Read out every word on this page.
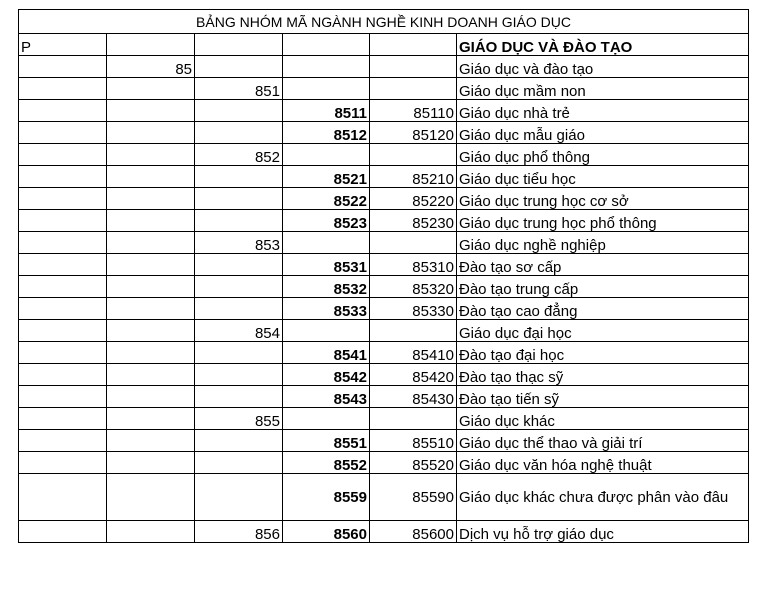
BẢNG NHÓM MÃ NGÀNH NGHỀ KINH DOANH GIÁO DỤC					
P					GIÁO DỤC VÀ ĐÀO TẠO
	85				Giáo dục và đào tạo
		851			Giáo dục mầm non
			8511	85110	Giáo dục nhà trẻ
			8512	85120	Giáo dục mẫu giáo
		852			Giáo dục phổ thông
			8521	85210	Giáo dục tiểu học
			8522	85220	Giáo dục trung học cơ sở
			8523	85230	Giáo dục trung học phổ thông
		853			Giáo dục nghề nghiệp
			8531	85310	Đào tạo sơ cấp
			8532	85320	Đào tạo trung cấp
			8533	85330	Đào tạo cao đẳng
		854			Giáo dục đại học
			8541	85410	Đào tạo đại học
			8542	85420	Đào tạo thạc sỹ
			8543	85430	Đào tạo tiến sỹ
		855			Giáo dục khác
			8551	85510	Giáo dục thể thao và giải trí
			8552	85520	Giáo dục văn hóa nghệ thuật
			8559	85590	Giáo dục khác chưa được phân vào đâu
		856	8560	85600	Dịch vụ hỗ trợ giáo dục
